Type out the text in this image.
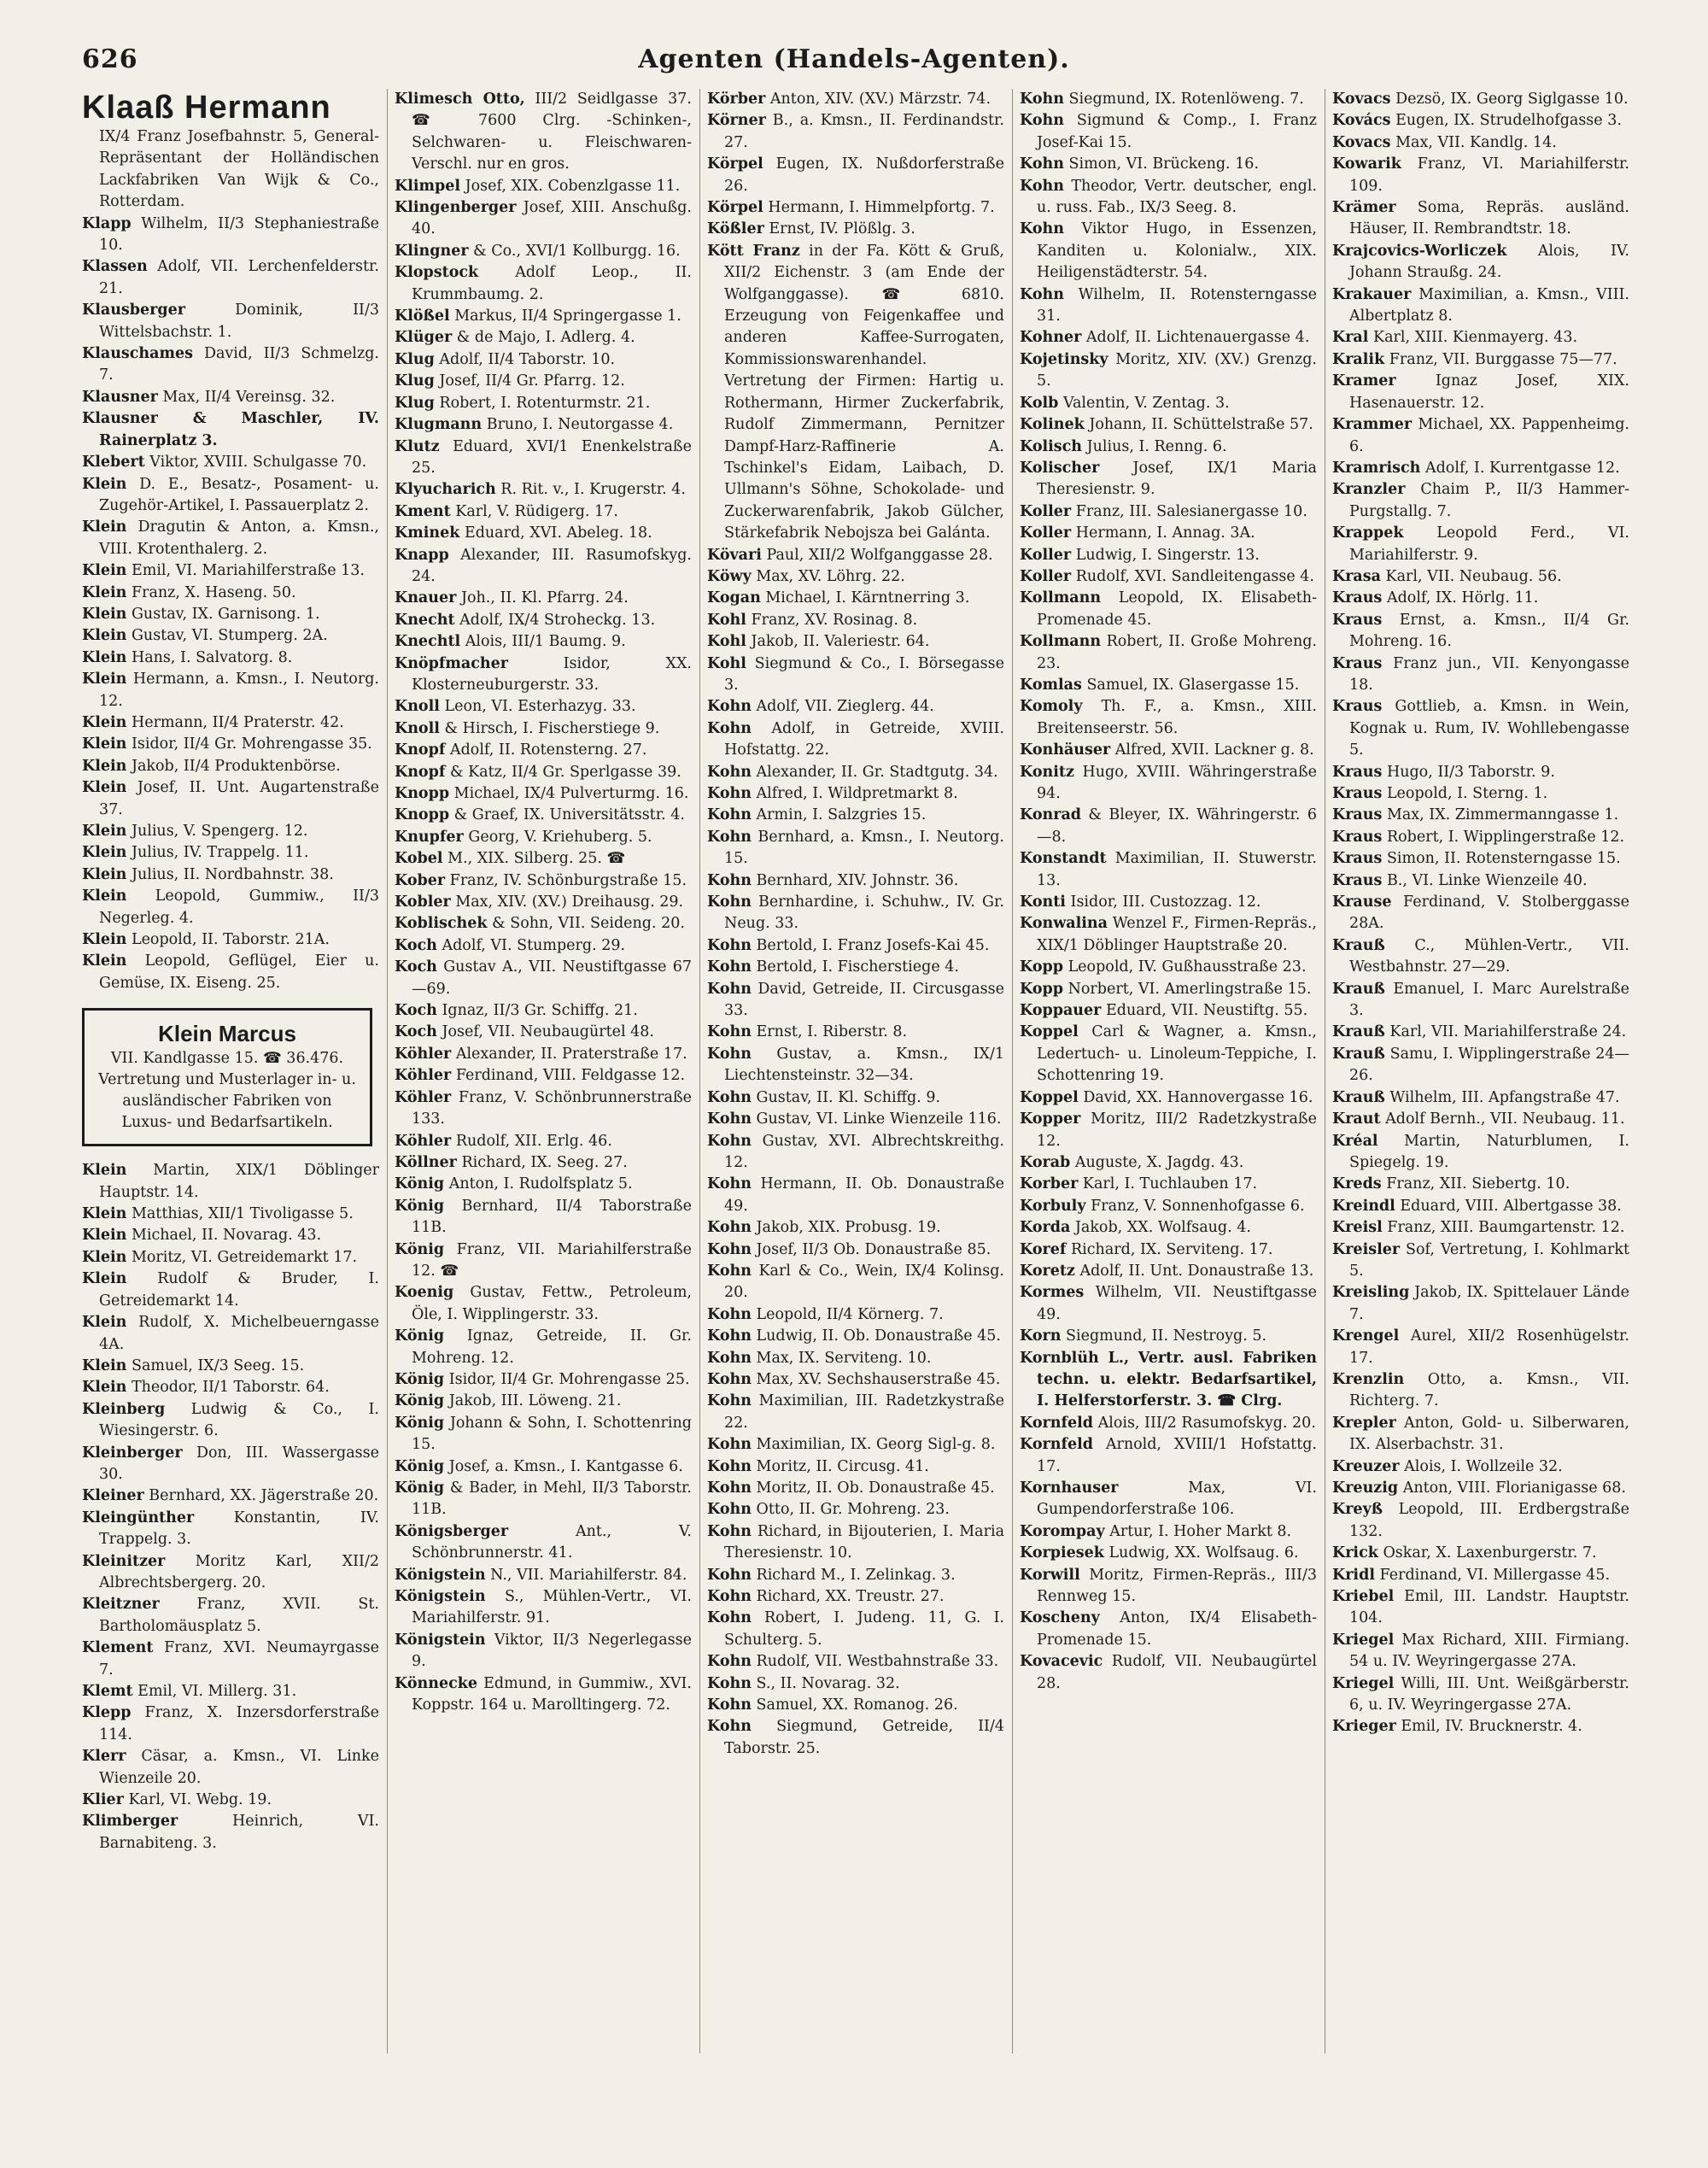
626	Agenten (Handels-Agenten).

Klaaß Hermann

IX/4 Franz Josefbahnstr. 5, General-Repräsentant der Holländischen Lackfabriken Van Wijk & Co., Rotterdam.

Klapp Wilhelm, II/3 Stephaniestraße 10.

Klassen Adolf, VII. Lerchenfelderstr. 21.

Klausberger	Dominik, II/3 Wittelsbachstr. 1.

Klauschames David, II/3 Schmelzg. 7.

Klausner Max, II/4 Vereinsg. 32.

Klausner & Maschler, IV. Rainerplatz 3.

Klebert Viktor, XVIII. Schulgasse 70.

Klein D. E., Besatz-, Posament- u. Zugehör-Artikel, I. Passauerplatz 2.

Klein Dragutin & Anton, a. Kmsn., VIII. Krotenthalerg. 2.

Klein Emil, VI. Mariahilferstraße 13.

Klein Franz, X. Haseng. 50.

Klein Gustav, IX. Garnisong. 1.

Klein Gustav, VI. Stumperg. 2A.

Klein Hans, I. Salvatorg. 8.

Klein Hermann, a. Kmsn., I. Neutorg. 12.

Klein Hermann, II/4 Praterstr. 42.

Klein Isidor, II/4 Gr. Mohrengasse 35.

Klein Jakob, II/4 Produktenbörse.

Klein Josef, II. Unt. Augartenstraße 37.

Klein Julius, V. Spengerg. 12.

Klein Julius, IV. Trappelg. 11.

Klein Julius, II. Nordbahnstr. 38.

Klein Leopold, Gummiw., II/3 Negerleg. 4.

Klein Leopold, II. Taborstr. 21A.

Klein Leopold, Geflügel, Eier u. Gemüse, IX. Eiseng. 25.

Klein Marcus
VII. Kandlgasse 15. ☎ 36.476. Vertretung und Musterlager in- u. ausländischer Fabriken von Luxus- und Bedarfsartikeln.

Klein Martin, XIX/1 Döblinger Hauptstr. 14.

Klein Matthias, XII/1 Tivoligasse 5.

Klein Michael, II. Novarag. 43.

Klein Moritz, VI. Getreidemarkt 17.

Klein Rudolf & Bruder, I. Getreidemarkt 14.

Klein Rudolf, X. Michelbeuerngasse 4A.

Klein Samuel, IX/3 Seeg. 15.

Klein Theodor, II/1 Taborstr. 64.

Kleinberg Ludwig & Co., I. Wiesingerstr. 6.

Kleinberger Don, III. Wassergasse 30.

Kleiner Bernhard, XX. Jägerstraße 20.

Kleingünther	Konstantin, IV. Trappelg. 3.

Kleinitzer Moritz Karl, XII/2 Albrechtsbergerg. 20.

Kleitzner Franz, XVII. St. Bartholomäusplatz 5.

Klement Franz, XVI. Neumayrgasse 7.

Klemt Emil, VI. Millerg. 31.

Klepp Franz, X. Inzersdorferstraße 114.

Klerr Cäsar, a. Kmsn., VI. Linke Wienzeile 20.

Klier Karl, VI. Webg. 19.

Klimberger	Heinrich, VI. Barnabiteng. 3.

Klimesch Otto, III/2 Seidlgasse 37. ☎ 7600 Clrg. -Schinken-, Selchwaren- u. Fleischwaren-Verschl. nur en gros.

Klimpel Josef, XIX. Cobenzlgasse 11.

Klingenberger Josef, XIII. Anschußg. 40.

Klingner & Co., XVI/1 Kollburgg. 16.

Klopstock Adolf Leop., II. Krummbaumg. 2.

Klößel Markus, II/4 Springergasse 1.

Klüger & de Majo, I. Adlerg. 4.

Klug Adolf, II/4 Taborstr. 10.

Klug Josef, II/4 Gr. Pfarrg. 12.

Klug Robert, I. Rotenturmstr. 21.

Klugmann Bruno, I. Neutorgasse 4.

Klutz Eduard, XVI/1 Enenkelstraße 25.

Klyucharich R. Rit. v., I. Krugerstr. 4.

Kment Karl, V. Rüdigerg. 17.

Kminek Eduard, XVI. Abeleg. 18.

Knapp Alexander, III. Rasumofskyg. 24.

Knauer Joh., II. Kl. Pfarrg. 24.

Knecht Adolf, IX/4 Stroheckg. 13.

Knechtl Alois, III/1 Baumg. 9.

Knöpfmacher	Isidor, XX. Klosterneuburgerstr. 33.

Knoll Leon, VI. Esterhazyg. 33.

Knoll & Hirsch, I. Fischerstiege 9.

Knopf Adolf, II. Rotensterng. 27.

Knopf & Katz, II/4 Gr. Sperlgasse 39.

Knopp Michael, IX/4 Pulverturmg. 16.

Knopp & Graef, IX. Universitätsstr. 4.

Knupfer Georg, V. Kriehuberg. 5.

Kobel M., XIX. Silberg. 25. ☎

Kober Franz, IV. Schönburgstraße 15.

Kobler Max, XIV. (XV.) Dreihausg. 29.

Koblischek & Sohn, VII. Seideng. 20.

Koch Adolf, VI. Stumperg. 29.

Koch Gustav A., VII. Neustiftgasse 67—69.

Koch Ignaz, II/3 Gr. Schiffg. 21.

Koch Josef, VII. Neubaugürtel 48.

Köhler Alexander, II. Praterstraße 17.

Köhler Ferdinand, VIII. Feldgasse 12.

Köhler Franz, V. Schönbrunnerstraße 133.

Köhler Rudolf, XII. Erlg. 46.

Köllner Richard, IX. Seeg. 27.

König Anton, I. Rudolfsplatz 5.

König Bernhard, II/4 Taborstraße 11B.

König Franz, VII. Mariahilferstraße 12. ☎

Koenig Gustav, Fettw., Petroleum, Öle, I. Wipplingerstr. 33.

König Ignaz, Getreide, II. Gr. Mohreng. 12.

König Isidor, II/4 Gr. Mohrengasse 25.

König Jakob, III. Löweng. 21.

König Johann & Sohn, I. Schottenring 15.

König Josef, a. Kmsn., I. Kantgasse 6.

König & Bader, in Mehl, II/3 Taborstr. 11B.

Königsberger	Ant., V. Schönbrunnerstr. 41.

Königstein N., VII. Mariahilferstr. 84.

Königstein S., Mühlen-Vertr., VI. Mariahilferstr. 91.

Königstein Viktor, II/3 Negerlegasse 9.

Könnecke Edmund, in Gummiw., XVI. Koppstr. 164 u. Marolltingerg. 72.

Körber Anton, XIV. (XV.) Märzstr. 74.

Körner B., a. Kmsn., II. Ferdinandstr. 27.

Körpel Eugen, IX. Nußdorferstraße 26.

Körpel Hermann, I. Himmelpfortg. 7.

Kößler Ernst, IV. Plößlg. 3.

Kött Franz in der Fa. Kött & Gruß, XII/2 Eichenstr. 3 (am Ende der Wolfganggasse). ☎ 6810. Erzeugung von Feigenkaffee und anderen Kaffee-Surrogaten, Kommissionswarenhandel. Vertretung der Firmen: Hartig u. Rothermann, Hirmer Zuckerfabrik, Rudolf Zimmermann, Pernitzer Dampf-Harz-Raffinerie A. Tschinkel's Eidam, Laibach, D. Ullmann's Söhne, Schokolade- und Zuckerwarenfabrik, Jakob Gülcher, Stärkefabrik Nebojsza bei Galánta.

Kövari Paul, XII/2 Wolfganggasse 28.

Köwy Max, XV. Löhrg. 22.

Kogan Michael, I. Kärntnerring 3.

Kohl Franz, XV. Rosinag. 8.

Kohl Jakob, II. Valeriestr. 64.

Kohl Siegmund & Co., I. Börsegasse 3.

Kohn Adolf, VII. Zieglerg. 44.

Kohn Adolf, in Getreide, XVIII. Hofstattg. 22.

Kohn Alexander, II. Gr. Stadtgutg. 34.

Kohn Alfred, I. Wildpretmarkt 8.

Kohn Armin, I. Salzgries 15.

Kohn Bernhard, a. Kmsn., I. Neutorg. 15.

Kohn Bernhard, XIV. Johnstr. 36.

Kohn Bernhardine, i. Schuhw., IV. Gr. Neug. 33.

Kohn Bertold, I. Franz Josefs-Kai 45.

Kohn Bertold, I. Fischerstiege 4.

Kohn David, Getreide, II. Circusgasse 33.

Kohn Ernst, I. Riberstr. 8.

Kohn Gustav, a. Kmsn., IX/1 Liechtensteinstr. 32—34.

Kohn Gustav, II. Kl. Schiffg. 9.

Kohn Gustav, VI. Linke Wienzeile 116.

Kohn Gustav, XVI. Albrechtskreithg. 12.

Kohn Hermann, II. Ob. Donaustraße 49.

Kohn Jakob, XIX. Probusg. 19.

Kohn Josef, II/3 Ob. Donaustraße 85.

Kohn Karl & Co., Wein, IX/4 Kolinsg. 20.

Kohn Leopold, II/4 Körnerg. 7.

Kohn Ludwig, II. Ob. Donaustraße 45.

Kohn Max, IX. Serviteng. 10.

Kohn Max, XV. Sechshauserstraße 45.

Kohn Maximilian, III. Radetzkystraße 22.

Kohn Maximilian, IX. Georg Sigl-g. 8.

Kohn Moritz, II. Circusg. 41.

Kohn Moritz, II. Ob. Donaustraße 45.

Kohn Otto, II. Gr. Mohreng. 23.

Kohn Richard, in Bijouterien, I. Maria Theresienstr. 10.

Kohn Richard M., I. Zelinkag. 3.

Kohn Richard, XX. Treustr. 27.

Kohn Robert, I. Judeng. 11, G. I. Schulterg. 5.

Kohn Rudolf, VII. Westbahnstraße 33.

Kohn S., II. Novarag. 32.

Kohn Samuel, XX. Romanog. 26.

Kohn Siegmund, Getreide, II/4 Taborstr. 25.

Kohn Siegmund, IX. Rotenlöweng. 7.

Kohn Sigmund & Comp., I. Franz Josef-Kai 15.

Kohn Simon, VI. Brückeng. 16.

Kohn Theodor, Vertr. deutscher, engl. u. russ. Fab., IX/3 Seeg. 8.

Kohn Viktor Hugo, in Essenzen, Kanditen u. Kolonialw., XIX. Heiligenstädterstr. 54.

Kohn Wilhelm, II. Rotensterngasse 31.

Kohner Adolf, II. Lichtenauergasse 4.

Kojetinsky Moritz, XIV. (XV.) Grenzg. 5.

Kolb Valentin, V. Zentag. 3.

Kolinek Johann, II. Schüttelstraße 57.

Kolisch Julius, I. Renng. 6.

Kolischer Josef, IX/1 Maria Theresienstr. 9.

Koller Franz, III. Salesianergasse 10.

Koller Hermann, I. Annag. 3A.

Koller Ludwig, I. Singerstr. 13.

Koller Rudolf, XVI. Sandleitengasse 4.

Kollmann Leopold, IX. Elisabeth-Promenade 45.

Kollmann Robert, II. Große Mohreng. 23.

Komlas Samuel, IX. Glasergasse 15.

Komoly Th. F., a. Kmsn., XIII. Breitenseerstr. 56.

Konhäuser Alfred, XVII. Lackner g. 8.

Konitz Hugo, XVIII. Währingerstraße 94.

Konrad & Bleyer, IX. Währingerstr. 6—8.

Konstandt Maximilian, II. Stuwerstr. 13.

Konti Isidor, III. Custozzag. 12.

Konwalina Wenzel F., Firmen-Repräs., XIX/1 Döblinger Hauptstraße 20.

Kopp Leopold, IV. Gußhausstraße 23.

Kopp Norbert, VI. Amerlingstraße 15.

Koppauer Eduard, VII. Neustiftg. 55.

Koppel Carl & Wagner, a. Kmsn., Ledertuch- u. Linoleum-Teppiche, I. Schottenring 19.

Koppel David, XX. Hannovergasse 16.

Kopper Moritz, III/2 Radetzkystraße 12.

Korab Auguste, X. Jagdg. 43.

Korber Karl, I. Tuchlauben 17.

Korbuly Franz, V. Sonnenhofgasse 6.

Korda Jakob, XX. Wolfsaug. 4.

Koref Richard, IX. Serviteng. 17.

Koretz Adolf, II. Unt. Donaustraße 13.

Kormes Wilhelm, VII. Neustiftgasse 49.

Korn Siegmund, II. Nestroyg. 5.

Kornblüh L., Vertr. ausl. Fabriken techn. u. elektr. Bedarfsartikel, I. Helferstorferstr. 3. ☎ Clrg.

Kornfeld Alois, III/2 Rasumofskyg. 20.

Kornfeld Arnold, XVIII/1 Hofstattg. 17.

Kornhauser	Max, VI. Gumpendorferstraße 106.

Korompay Artur, I. Hoher Markt 8.

Korpiesek Ludwig, XX. Wolfsaug. 6.

Korwill Moritz, Firmen-Repräs., III/3 Rennweg 15.

Koscheny Anton, IX/4 Elisabeth-Promenade 15.

Kovacevic Rudolf, VII. Neubaugürtel 28.

Kovacs Dezsö, IX. Georg Siglgasse 10.

Kovács Eugen, IX. Strudelhofgasse 3.

Kovacs Max, VII. Kandlg. 14.

Kowarik Franz, VI. Mariahilferstr. 109.

Krämer Soma, Repräs. ausländ. Häuser, II. Rembrandtstr. 18.

Krajcovics-Worliczek Alois, IV. Johann Straußg. 24.

Krakauer Maximilian, a. Kmsn., VIII. Albertplatz 8.

Kral Karl, XIII. Kienmayerg. 43.

Kralik Franz, VII. Burggasse 75—77.

Kramer	Ignaz Josef, XIX. Hasenauerstr. 12.

Krammer Michael, XX. Pappenheimg. 6.

Kramrisch Adolf, I. Kurrentgasse 12.

Kranzler Chaim P., II/3 Hammer-Purgstallg. 7.

Krappek Leopold Ferd., VI. Mariahilferstr. 9.

Krasa Karl, VII. Neubaug. 56.

Kraus Adolf, IX. Hörlg. 11.

Kraus Ernst, a. Kmsn., II/4 Gr. Mohreng. 16.

Kraus Franz jun., VII. Kenyongasse 18.

Kraus Gottlieb, a. Kmsn. in Wein, Kognak u. Rum, IV. Wohllebengasse 5.

Kraus Hugo, II/3 Taborstr. 9.

Kraus Leopold, I. Sterng. 1.

Kraus Max, IX. Zimmermanngasse 1.

Kraus Robert, I. Wipplingerstraße 12.

Kraus Simon, II. Rotensterngasse 15.

Kraus B., VI. Linke Wienzeile 40.

Krause Ferdinand, V. Stolberggasse 28A.

Krauß C., Mühlen-Vertr., VII. Westbahnstr. 27—29.

Krauß Emanuel, I. Marc Aurelstraße 3.

Krauß Karl, VII. Mariahilferstraße 24.

Krauß Samu, I. Wipplingerstraße 24—26.

Krauß Wilhelm, III. Apfangstraße 47.

Kraut Adolf Bernh., VII. Neubaug. 11.

Kréal Martin, Naturblumen, I. Spiegelg. 19.

Kreds Franz, XII. Siebertg. 10.

Kreindl Eduard, VIII. Albertgasse 38.

Kreisl Franz, XIII. Baumgartenstr. 12.

Kreisler Sof, Vertretung, I. Kohlmarkt 5.

Kreisling Jakob, IX. Spittelauer Lände 7.

Krengel Aurel, XII/2 Rosenhügelstr. 17.

Krenzlin Otto, a. Kmsn., VII. Richterg. 7.

Krepler Anton, Gold- u. Silberwaren, IX. Alserbachstr. 31.

Kreuzer Alois, I. Wollzeile 32.

Kreuzig Anton, VIII. Florianigasse 68.

Kreyß Leopold, III. Erdbergstraße 132.

Krick Oskar, X. Laxenburgerstr. 7.

Kridl Ferdinand, VI. Millergasse 45.

Kriebel Emil, III. Landstr. Hauptstr. 104.

Kriegel Max Richard, XIII. Firmiang. 54 u. IV. Weyringergasse 27A.

Kriegel Willi, III. Unt. Weißgärberstr. 6, u. IV. Weyringergasse 27A.

Krieger Emil, IV. Brucknerstr. 4.
